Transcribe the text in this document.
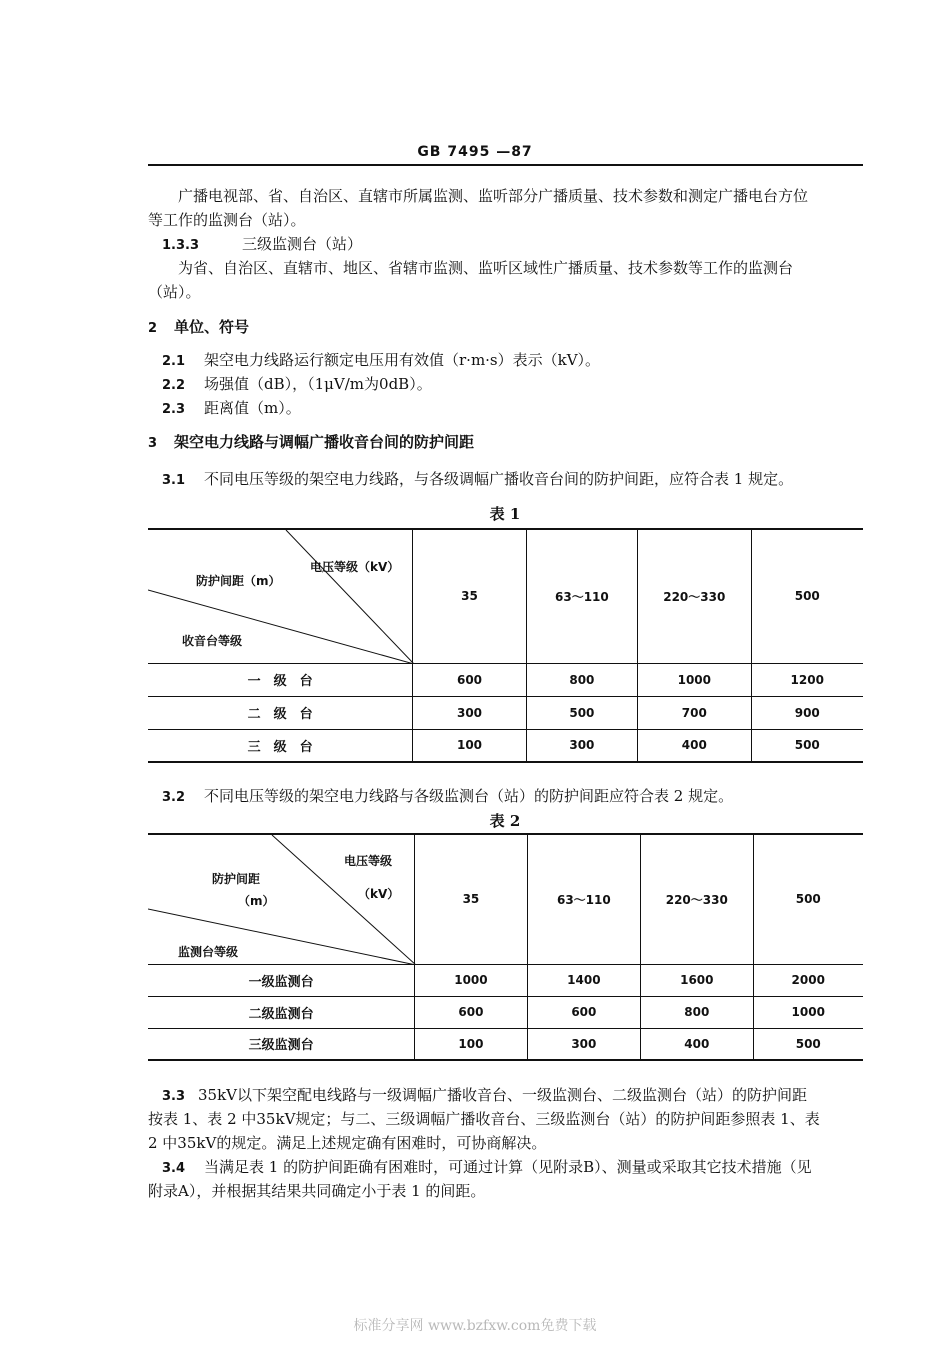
GB 7495 —87
广播电视部、省、自治区、直辖市所属监测、监听部分广播质量、技术参数和测定广播电台方位
等工作的监测台（站）。
1.3.3	三级监测台（站）
为省、自治区、直辖市、地区、省辖市监测、监听区域性广播质量、技术参数等工作的监测台
（站）。
2 单位、符号
2.1 架空电力线路运行额定电压用有效值（r·m·s）表示（kV）。
2.2 场强值（dB），（1μV/m为0dB）。
2.3 距离值（m）。
3 架空电力线路与调幅广播收音台间的防护间距
3.1 不同电压等级的架空电力线路，与各级调幅广播收音台间的防护间距，应符合表 1 规定。
表 1
电压等级（kV）
防护间距（m）
收音台等级	35	63～110	220～330	500
一　级　台	600	800	1000	1200
二　级　台	300	500	700	900
三　级　台	100	300	400	500
3.2 不同电压等级的架空电力线路与各级监测台（站）的防护间距应符合表 2 规定。
表 2
电压等级
（kV）
防护间距
（m）
监测台等级	35	63～110	220～330	500
一级监测台	1000	1400	1600	2000
二级监测台	600	600	800	1000
三级监测台	100	300	400	500
3.3 35kV以下架空配电线路与一级调幅广播收音台、一级监测台、二级监测台（站）的防护间距
按表 1、表 2 中35kV规定；与二、三级调幅广播收音台、三级监测台（站）的防护间距参照表 1、表
2 中35kV的规定。满足上述规定确有困难时，可协商解决。
3.4 当满足表 1 的防护间距确有困难时，可通过计算（见附录B）、测量或采取其它技术措施（见
附录A），并根据其结果共同确定小于表 1 的间距。
标准分享网 www.bzfxw.com免费下载
